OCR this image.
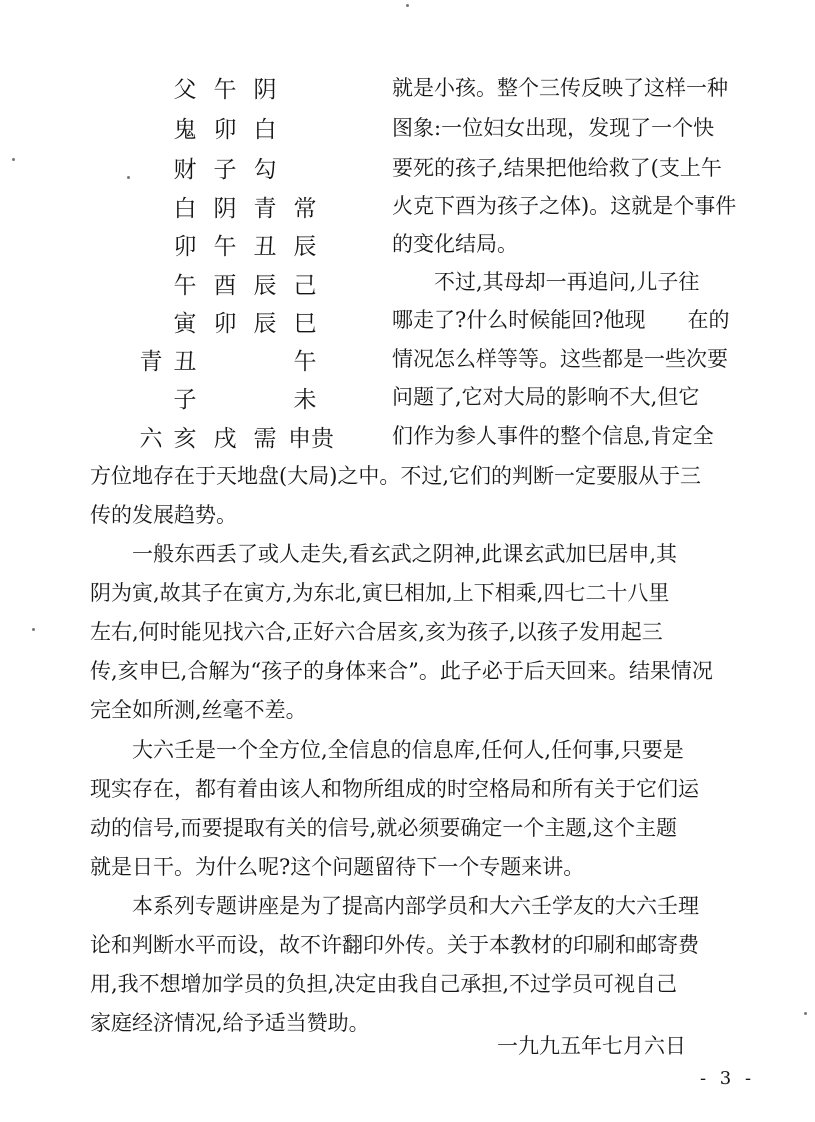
父 午 阴
鬼 卯 白
财 子 勾
白 阴 青 常
卯 午 丑 辰
午 酉 辰 己
寅 卯 辰 巳
青 丑	午
子	未
六 亥 戌 需 申贵
就是小孩。整个三传反映了这样一种
图象:一位妇女出现，发现了一个快
要死的孩子,结果把他给救了(支上午
火克下酉为孩子之体)。这就是个事件
的变化结局。
　　不过,其母却一再追问,儿子往
哪走了?什么时候能回?他现　　在的
情况怎么样等等。这些都是一些次要
问题了,它对大局的影响不大,但它
们作为参人事件的整个信息,肯定全
方位地存在于天地盘(大局)之中。不过,它们的判断一定要服从于三
传的发展趋势。
　　一般东西丢了或人走失,看玄武之阴神,此课玄武加巳居申,其
阴为寅,故其子在寅方,为东北,寅巳相加,上下相乘,四七二十八里
左右,何时能见找六合,正好六合居亥,亥为孩子,以孩子发用起三
传,亥申巳,合解为“孩子的身体来合”。此子必于后天回来。结果情况
完全如所测,丝毫不差。
　　大六壬是一个全方位,全信息的信息库,任何人,任何事,只要是
现实存在，都有着由该人和物所组成的时空格局和所有关于它们运
动的信号,而要提取有关的信号,就必须要确定一个主题,这个主题
就是日干。为什么呢?这个问题留待下一个专题来讲。
　　本系列专题讲座是为了提高内部学员和大六壬学友的大六壬理
论和判断水平而设，故不许翻印外传。关于本教材的印刷和邮寄费
用,我不想增加学员的负担,决定由我自己承担,不过学员可视自己
家庭经济情况,给予适当赞助。
一九九五年七月六日
- 3 -
